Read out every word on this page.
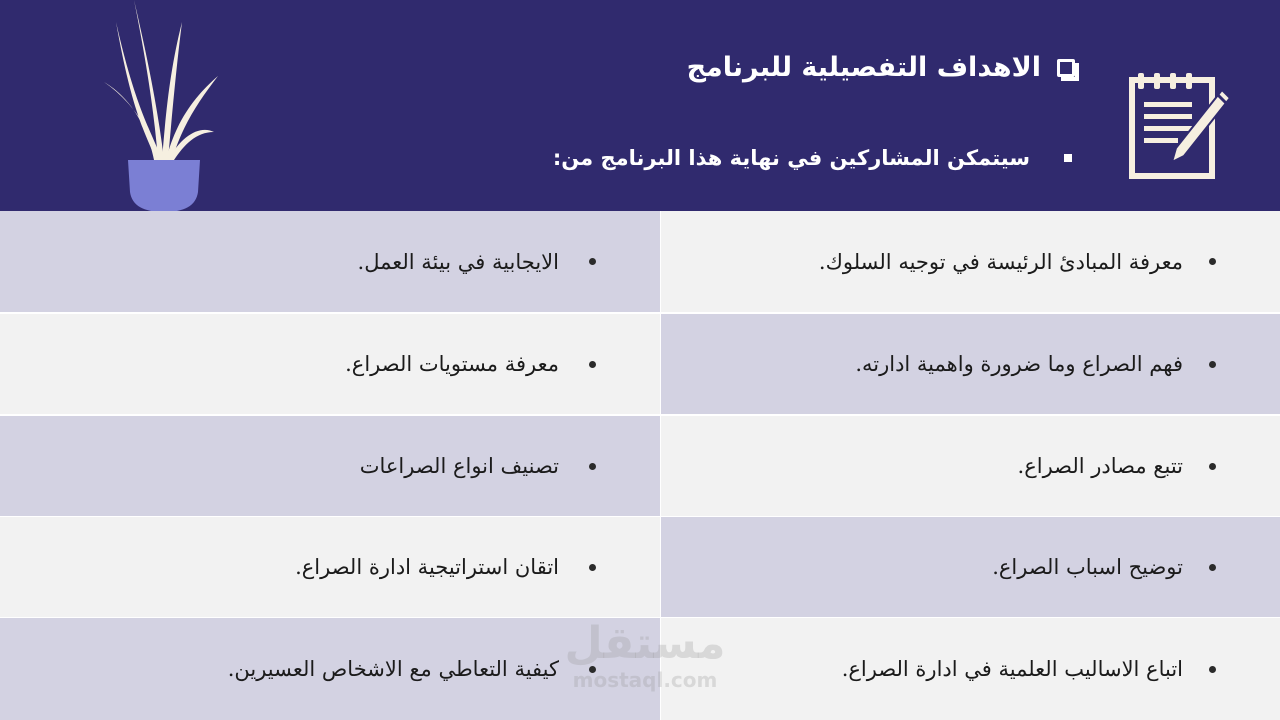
الاهداف التفصيلية للبرنامج
سيتمكن المشاركين في نهاية هذا البرنامج من:
معرفة المبادئ الرئيسة في توجيه السلوك.
فهم الصراع وما ضرورة واهمية ادارته.
تتبع مصادر الصراع.
توضيح اسباب الصراع.
اتباع الاساليب العلمية في ادارة الصراع.
الايجابية في بيئة العمل.
معرفة مستويات الصراع.
تصنيف انواع الصراعات
اتقان استراتيجية ادارة الصراع.
كيفية التعاطي مع الاشخاص العسيرين. مستقل
mostaql.com
